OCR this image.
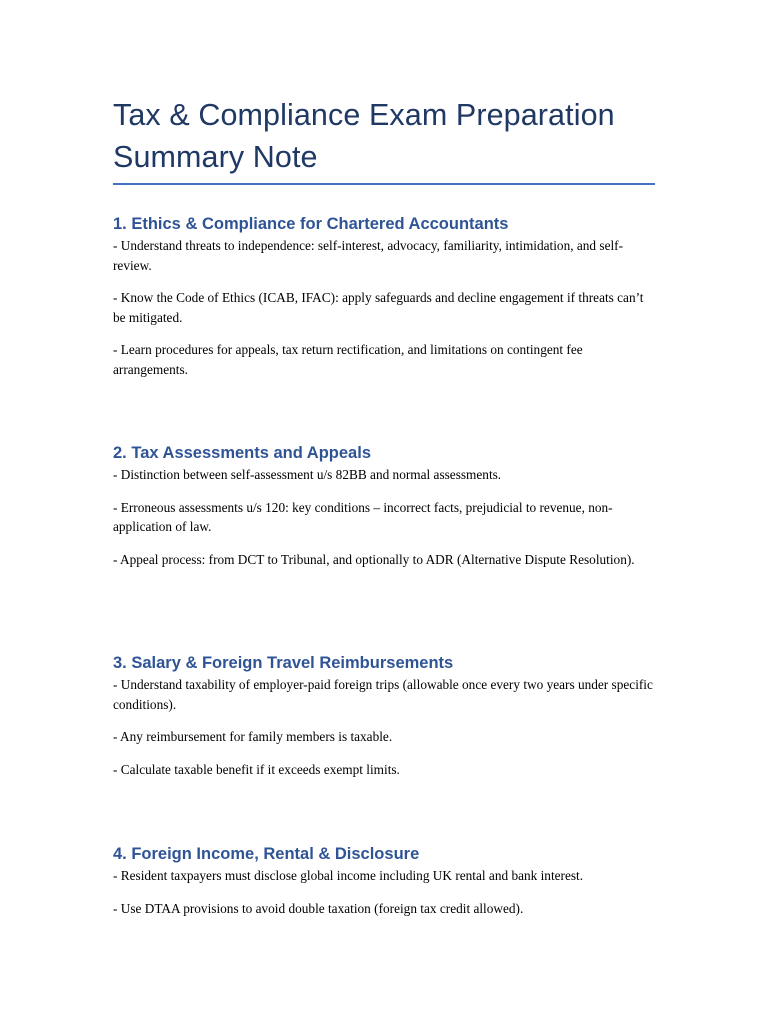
Tax & Compliance Exam Preparation Summary Note
1. Ethics & Compliance for Chartered Accountants

- Understand threats to independence: self-interest, advocacy, familiarity, intimidation, and self-review.

- Know the Code of Ethics (ICAB, IFAC): apply safeguards and decline engagement if threats can’t be mitigated.

- Learn procedures for appeals, tax return rectification, and limitations on contingent fee arrangements.

2. Tax Assessments and Appeals

- Distinction between self-assessment u/s 82BB and normal assessments.

- Erroneous assessments u/s 120: key conditions – incorrect facts, prejudicial to revenue, non-application of law.

- Appeal process: from DCT to Tribunal, and optionally to ADR (Alternative Dispute Resolution).

3. Salary & Foreign Travel Reimbursements

- Understand taxability of employer-paid foreign trips (allowable once every two years under specific conditions).

- Any reimbursement for family members is taxable.

- Calculate taxable benefit if it exceeds exempt limits.

4. Foreign Income, Rental & Disclosure

- Resident taxpayers must disclose global income including UK rental and bank interest.

- Use DTAA provisions to avoid double taxation (foreign tax credit allowed).
